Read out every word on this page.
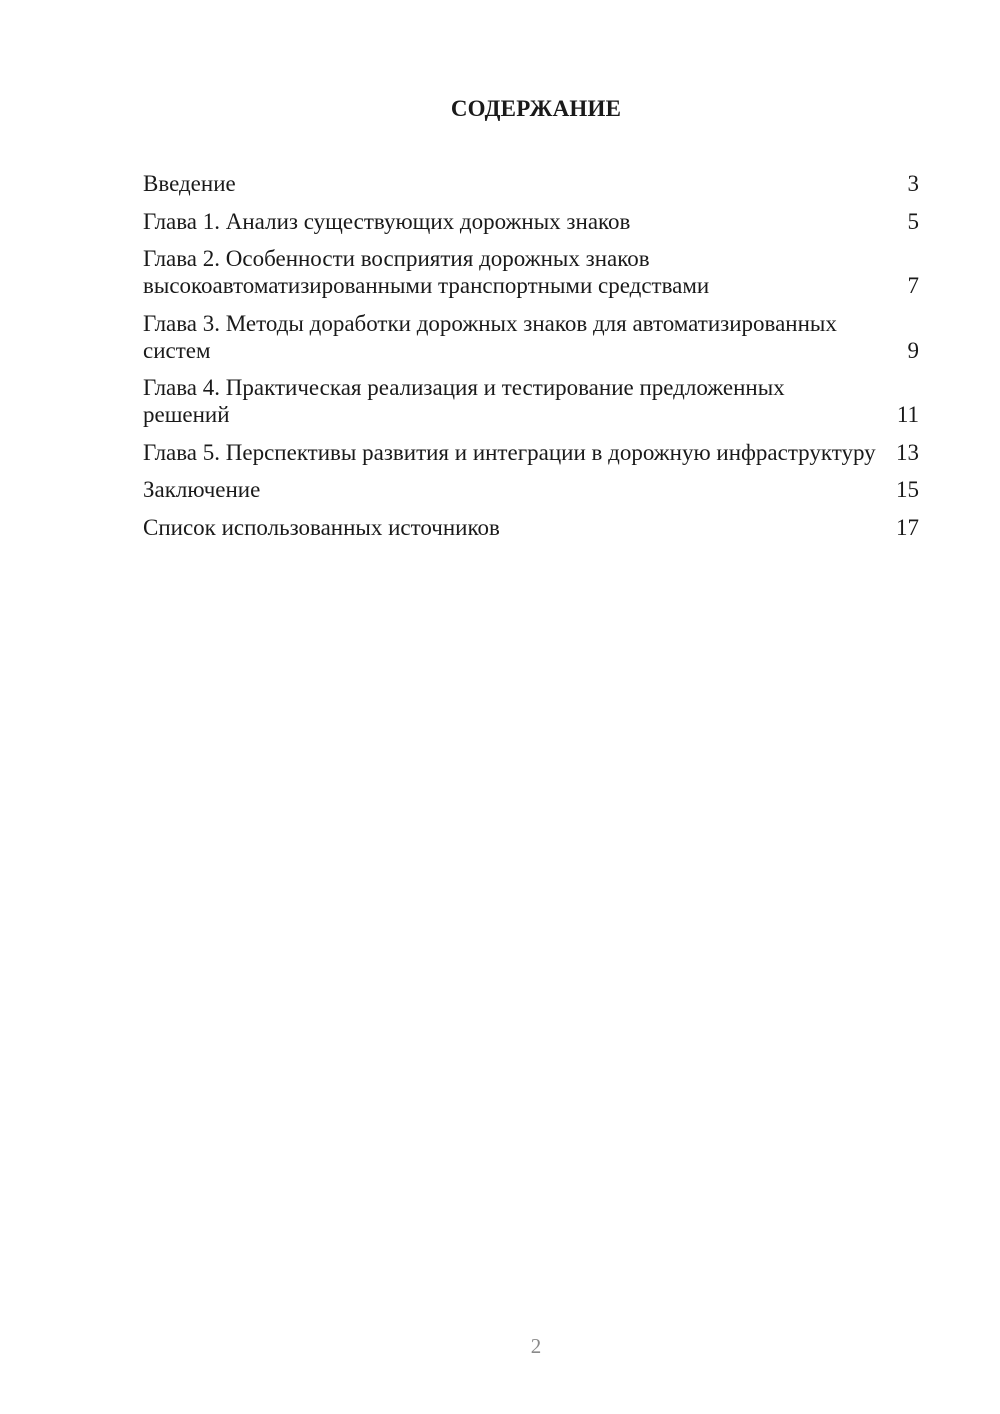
СОДЕРЖАНИЕ
Введение	3
Глава 1. Анализ существующих дорожных знаков	5
Глава 2. Особенности восприятия дорожных знаков высокоавтоматизированными транспортными средствами	7
Глава 3. Методы доработки дорожных знаков для автоматизированных систем	9
Глава 4. Практическая реализация и тестирование предложенных решений	11
Глава 5. Перспективы развития и интеграции в дорожную инфраструктуру 13
Заключение	15
Список использованных источников	17
2
